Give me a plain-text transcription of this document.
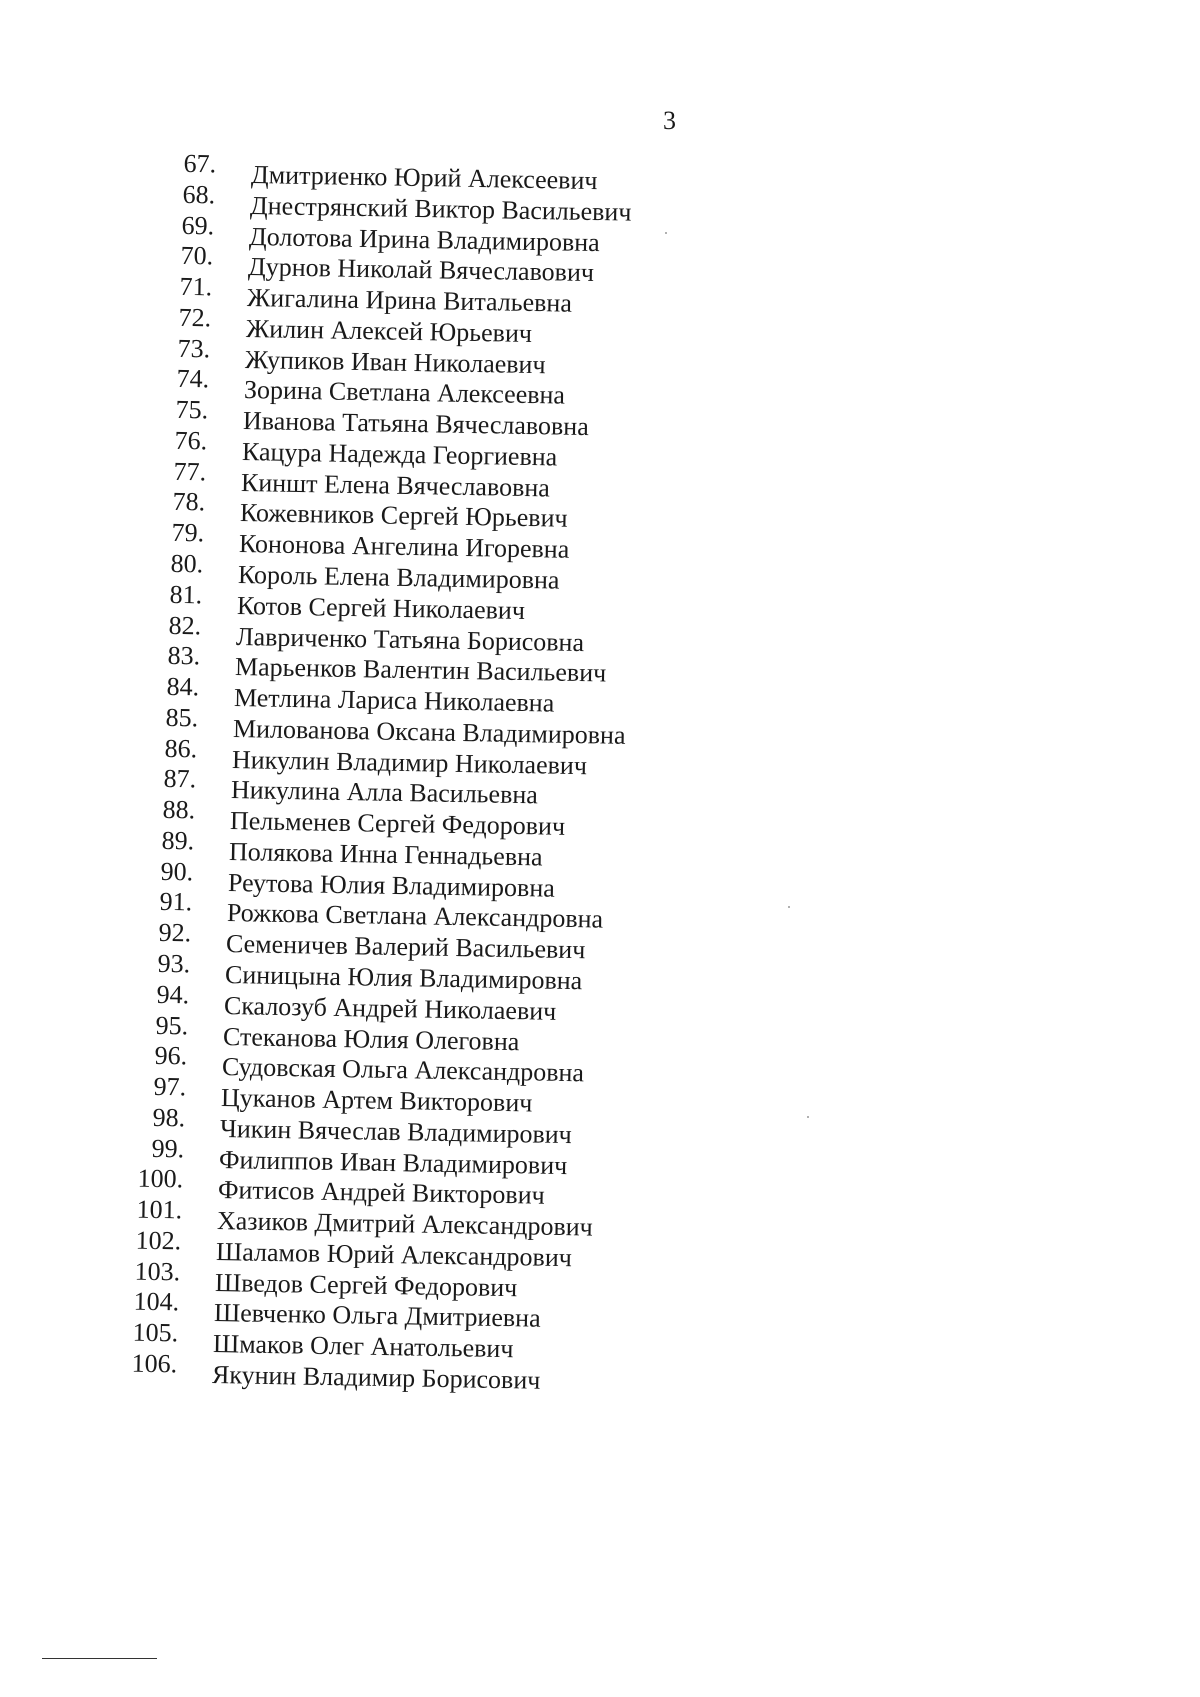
3
67. Дмитриенко Юрий Алексеевич
68. Днестрянский Виктор Васильевич
69. Долотова Ирина Владимировна
70. Дурнов Николай Вячеславович
71. Жигалина Ирина Витальевна
72. Жилин Алексей Юрьевич
73. Жупиков Иван Николаевич
74. Зорина Светлана Алексеевна
75. Иванова Татьяна Вячеславовна
76. Кацура Надежда Георгиевна
77. Киншт Елена Вячеславовна
78. Кожевников Сергей Юрьевич
79. Кононова Ангелина Игоревна
80. Король Елена Владимировна
81. Котов Сергей Николаевич
82. Лавриченко Татьяна Борисовна
83. Марьенков Валентин Васильевич
84. Метлина Лариса Николаевна
85. Милованова Оксана Владимировна
86. Никулин Владимир Николаевич
87. Никулина Алла Васильевна
88. Пельменев Сергей Федорович
89. Полякова Инна Геннадьевна
90. Реутова Юлия Владимировна
91. Рожкова Светлана Александровна
92. Семеничев Валерий Васильевич
93. Синицына Юлия Владимировна
94. Скалозуб Андрей Николаевич
95. Стеканова Юлия Олеговна
96. Судовская Ольга Александровна
97. Цуканов Артем Викторович
98. Чикин Вячеслав Владимирович
99. Филиппов Иван Владимирович
100. Фитисов Андрей Викторович
101. Хазиков Дмитрий Александрович
102. Шаламов Юрий Александрович
103. Шведов Сергей Федорович
104. Шевченко Ольга Дмитриевна
105. Шмаков Олег Анатольевич
106. Якунин Владимир Борисович
